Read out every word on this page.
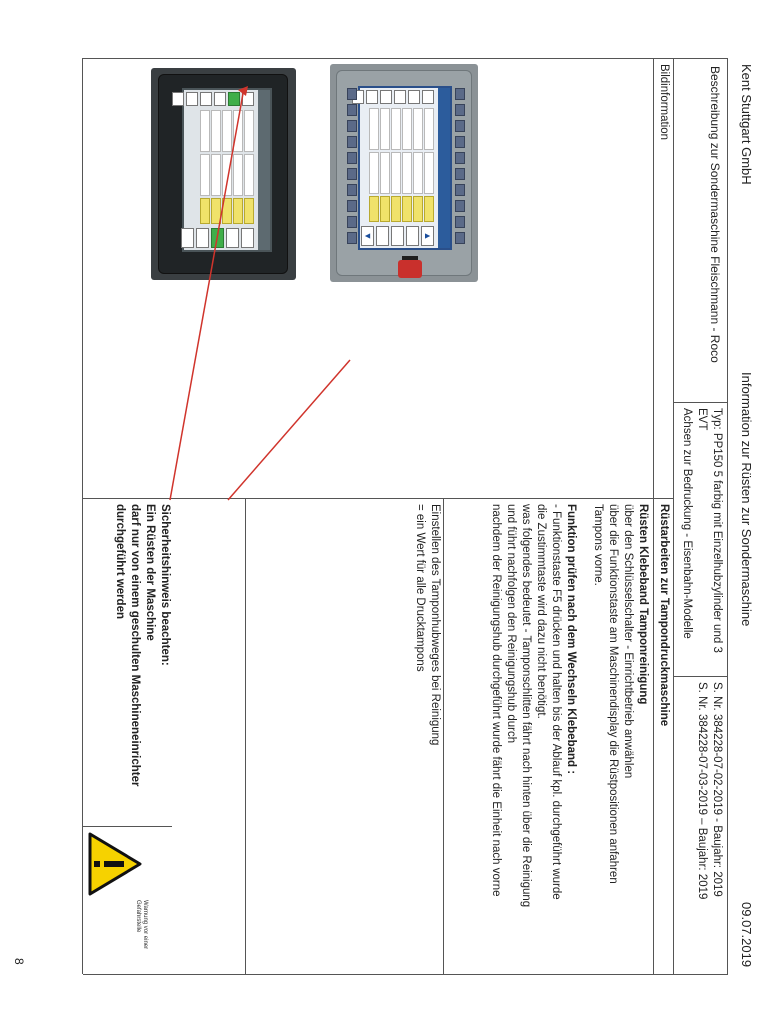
Kent Stuttgart GmbH
Information zur Rüsten zur Sondermaschine
09.07.2019
Beschreibung zur Sondermaschine Fleischmann - Roco
Typ: PP150 5 farbig mit Einzelhubzylinder und 3 EVT
Achsen zur Bedruckung - Eisenbahn-Modelle
S. Nr. 384228-07-02-2019 - Baujahr: 2019
S. Nr. 384228-07-03-2019 – Baujahr: 2019
Bildinformation
Rüstarbeiten zur Tampondruckmaschine
Rüsten Klebeband Tamponreinigung
über den Schlüsselschalter - Einrichtbetrieb anwählen
über die Funktionstaste am Maschinendisplay die Rüstpositionen anfahren
Tampons vorne.
Funktion prüfen nach dem Wechseln Klebeband :
- Funktionstaste F5 drücken und halten bis der Ablauf kpl. durchgeführt wurde
die Zustimmtaste wird dazu nicht benötigt.
was folgendes bedeutet - Tamponschlitten fährt nach hinten über die Reinigung
und führt nachfolgen den Reinigungshub durch
nachdem der Reinigungshub durchgeführt wurde fährt die Einheit nach vorne
Einstellen des Tamponhubweges bei Reinigung
= ein Wert für alle Drucktampons
Sicherheitshinweis beachten:
Ein Rüsten der Maschine
darf nur von einem geschulten Maschineneinrichter
durchgeführt werden
Warnung vor einer Gefahrstelle
▲
▼
8
